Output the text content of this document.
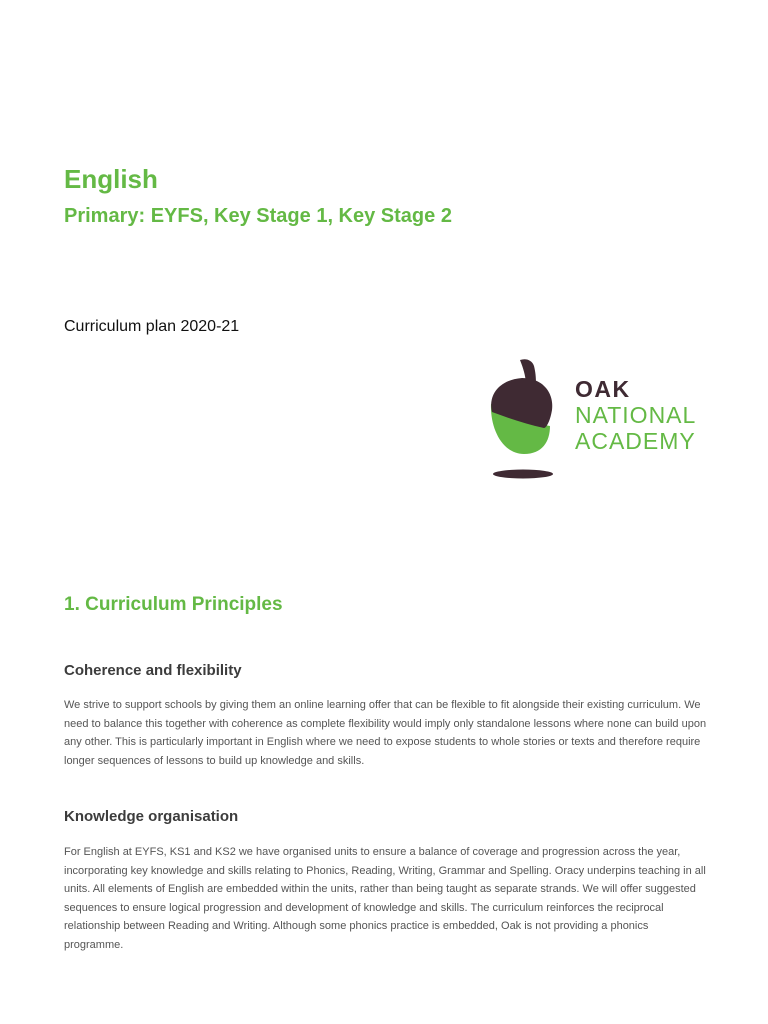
English
Primary: EYFS, Key Stage 1, Key Stage 2

Curriculum plan 2020-21

OAK
NATIONAL
ACADEMY
1. Curriculum Principles
Coherence and flexibility

We strive to support schools by giving them an online learning offer that can be flexible to fit alongside their existing curriculum. We need to balance this together with coherence as complete flexibility would imply only standalone lessons where none can build upon any other. This is particularly important in English where we need to expose students to whole stories or texts and therefore require longer sequences of lessons to build up knowledge and skills.

Knowledge organisation

For English at EYFS, KS1 and KS2 we have organised units to ensure a balance of coverage and progression across the year, incorporating key knowledge and skills relating to Phonics, Reading, Writing, Grammar and Spelling. Oracy underpins teaching in all units. All elements of English are embedded within the units, rather than being taught as separate strands. We will offer suggested sequences to ensure logical progression and development of knowledge and skills. The curriculum reinforces the reciprocal relationship between Reading and Writing. Although some phonics practice is embedded, Oak is not providing a phonics programme.
